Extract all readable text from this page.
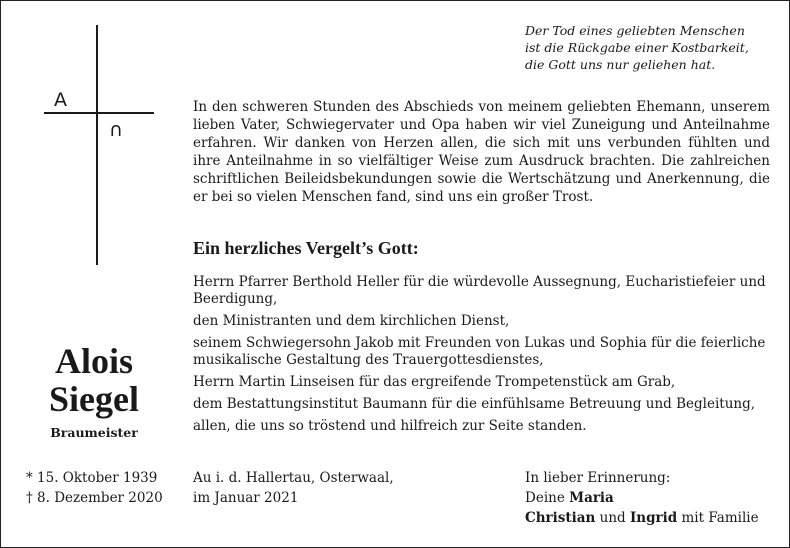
Der Tod eines geliebten Menschen
ist die Rückgabe einer Kostbarkeit,
die Gott uns nur geliehen hat.
A
∩
In den schweren Stunden des Abschieds von meinem geliebten Ehemann, unserem lieben Vater, Schwiegervater und Opa haben wir viel Zuneigung und Anteilnahme erfahren. Wir danken von Herzen allen, die sich mit uns verbunden fühlten und ihre Anteilnahme in so vielfältiger Weise zum Ausdruck brachten. Die zahlreichen schriftlichen Beileidsbekundungen sowie die Wertschätzung und Anerkennung, die er bei so vielen Menschen fand, sind uns ein großer Trost.
Ein herzliches Vergelt’s Gott:
Herrn Pfarrer Berthold Heller für die würdevolle Aussegnung, Eucharistiefeier und Beerdigung,
den Ministranten und dem kirchlichen Dienst,
seinem Schwiegersohn Jakob mit Freunden von Lukas und Sophia für die feierliche musikalische Gestaltung des Trauergottesdienstes,
Herrn Martin Linseisen für das ergreifende Trompetenstück am Grab,
dem Bestattungsinstitut Baumann für die einfühlsame Betreuung und Begleitung,
allen, die uns so tröstend und hilfreich zur Seite standen.
Alois
Siegel
Braumeister
* 15. Oktober 1939
† 8. Dezember 2020
Au i. d. Hallertau, Osterwaal,
im Januar 2021
In lieber Erinnerung:
Deine Maria
Christian und Ingrid mit Familie
